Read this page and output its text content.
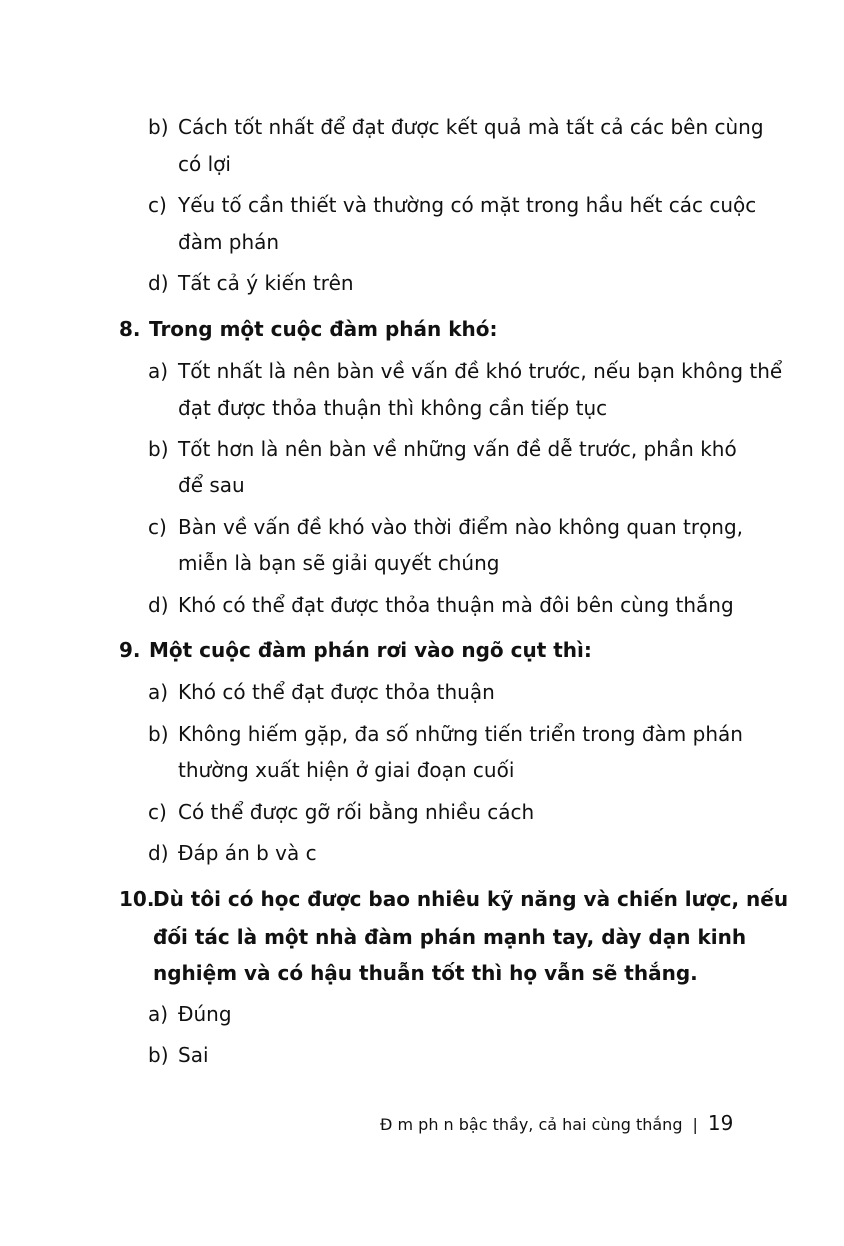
b) Cách tốt nhất để đạt được kết quả mà tất cả các bên cùng
có lợi
c) Yếu tố cần thiết và thường có mặt trong hầu hết các cuộc
đàm phán
d) Tất cả ý kiến trên
8. Trong một cuộc đàm phán khó:
a) Tốt nhất là nên bàn về vấn đề khó trước, nếu bạn không thể
đạt được thỏa thuận thì không cần tiếp tục
b) Tốt hơn là nên bàn về những vấn đề dễ trước, phần khó
để sau
c) Bàn về vấn đề khó vào thời điểm nào không quan trọng,
miễn là bạn sẽ giải quyết chúng
d) Khó có thể đạt được thỏa thuận mà đôi bên cùng thắng
9. Một cuộc đàm phán rơi vào ngõ cụt thì:
a) Khó có thể đạt được thỏa thuận
b) Không hiếm gặp, đa số những tiến triển trong đàm phán
thường xuất hiện ở giai đoạn cuối
c) Có thể được gỡ rối bằng nhiều cách
d) Đáp án b và c
10.Dù tôi có học được bao nhiêu kỹ năng và chiến lược, nếu
đối tác là một nhà đàm phán mạnh tay, dày dạn kinh
nghiệm và có hậu thuẫn tốt thì họ vẫn sẽ thắng.
a) Đúng
b) Sai
Đ m ph n bậc thầy, cả hai cùng thắng | 19
